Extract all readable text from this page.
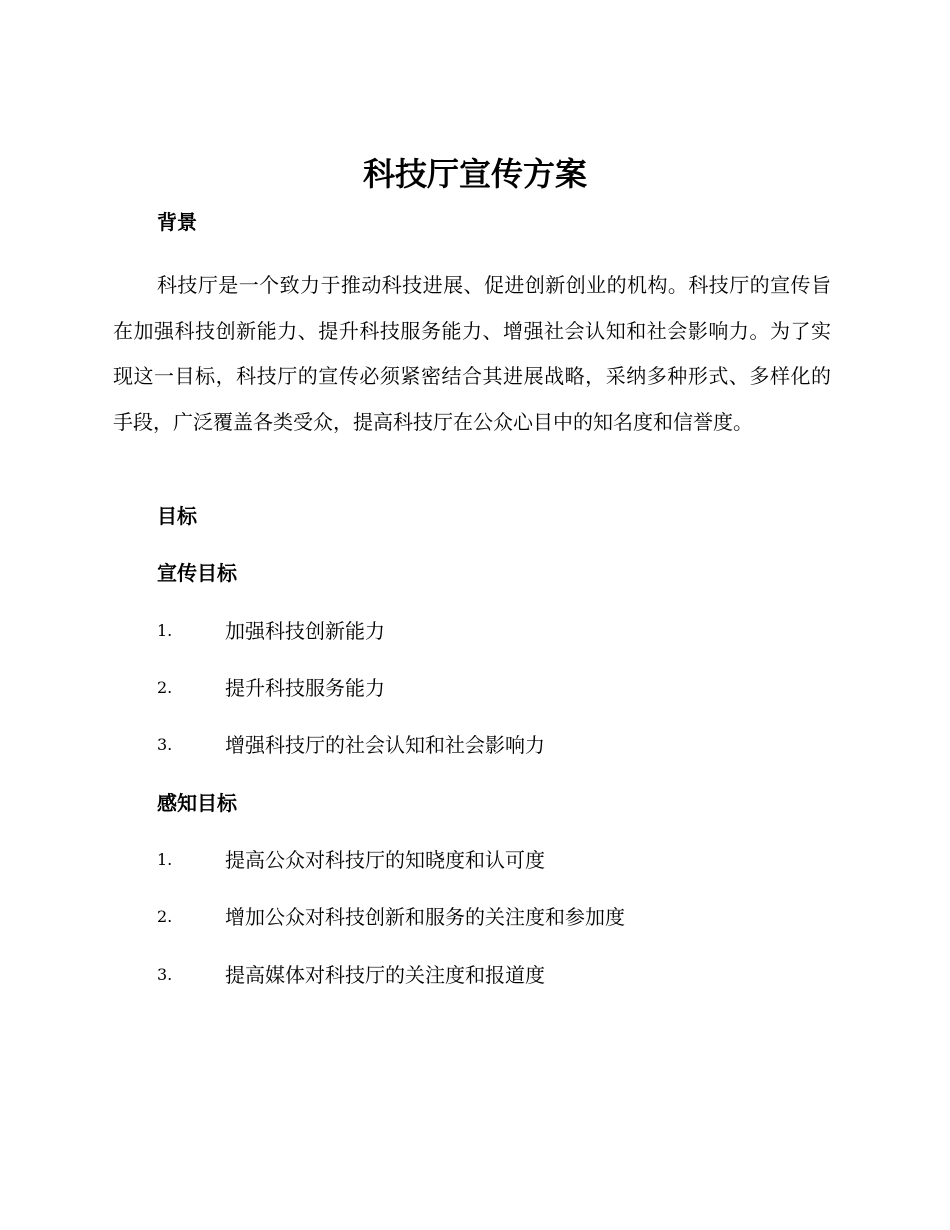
科技厅宣传方案
背景

科技厅是一个致力于推动科技进展、促进创新创业的机构。科技厅的宣传旨在加强科技创新能力、提升科技服务能力、增强社会认知和社会影响力。为了实现这一目标，科技厅的宣传必须紧密结合其进展战略，采纳多种形式、多样化的手段，广泛覆盖各类受众，提高科技厅在公众心目中的知名度和信誉度。

目标
宣传目标
1.	加强科技创新能力
2.	提升科技服务能力
3.	增强科技厅的社会认知和社会影响力
感知目标
1.	提高公众对科技厅的知晓度和认可度
2.	增加公众对科技创新和服务的关注度和参加度
3.	提高媒体对科技厅的关注度和报道度
